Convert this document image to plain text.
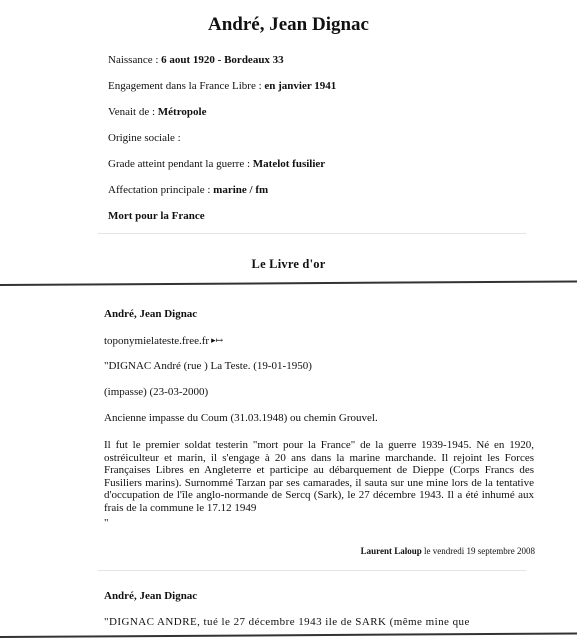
André, Jean Dignac
Naissance : 6 aout 1920 - Bordeaux 33
Engagement dans la France Libre : en janvier 1941
Venait de : Métropole
Origine sociale :
Grade atteint pendant la guerre : Matelot fusilier
Affectation principale : marine / fm
Mort pour la France
Le Livre d'or
André, Jean Dignac
toponymielateste.free.fr ▸↦
"DIGNAC André (rue ) La Teste. (19-01-1950)
(impasse) (23-03-2000)
Ancienne impasse du Coum (31.03.1948) ou chemin Grouvel.
Il fut le premier soldat testerin "mort pour la France" de la guerre 1939-1945. Né en 1920, ostréiculteur et marin, il s'engage à 20 ans dans la marine marchande. Il rejoint les Forces Françaises Libres en Angleterre et participe au débarquement de Dieppe (Corps Francs des Fusiliers marins). Surnommé Tarzan par ses camarades, il sauta sur une mine lors de la tentative d'occupation de l'île anglo-normande de Sercq (Sark), le 27 décembre 1943. Il a été inhumé aux frais de la commune le 17.12 1949
"
Laurent Laloup le vendredi 19 septembre 2008
André, Jean Dignac
"DIGNAC ANDRE, tué le 27 décembre 1943 ile de SARK (même mine que
